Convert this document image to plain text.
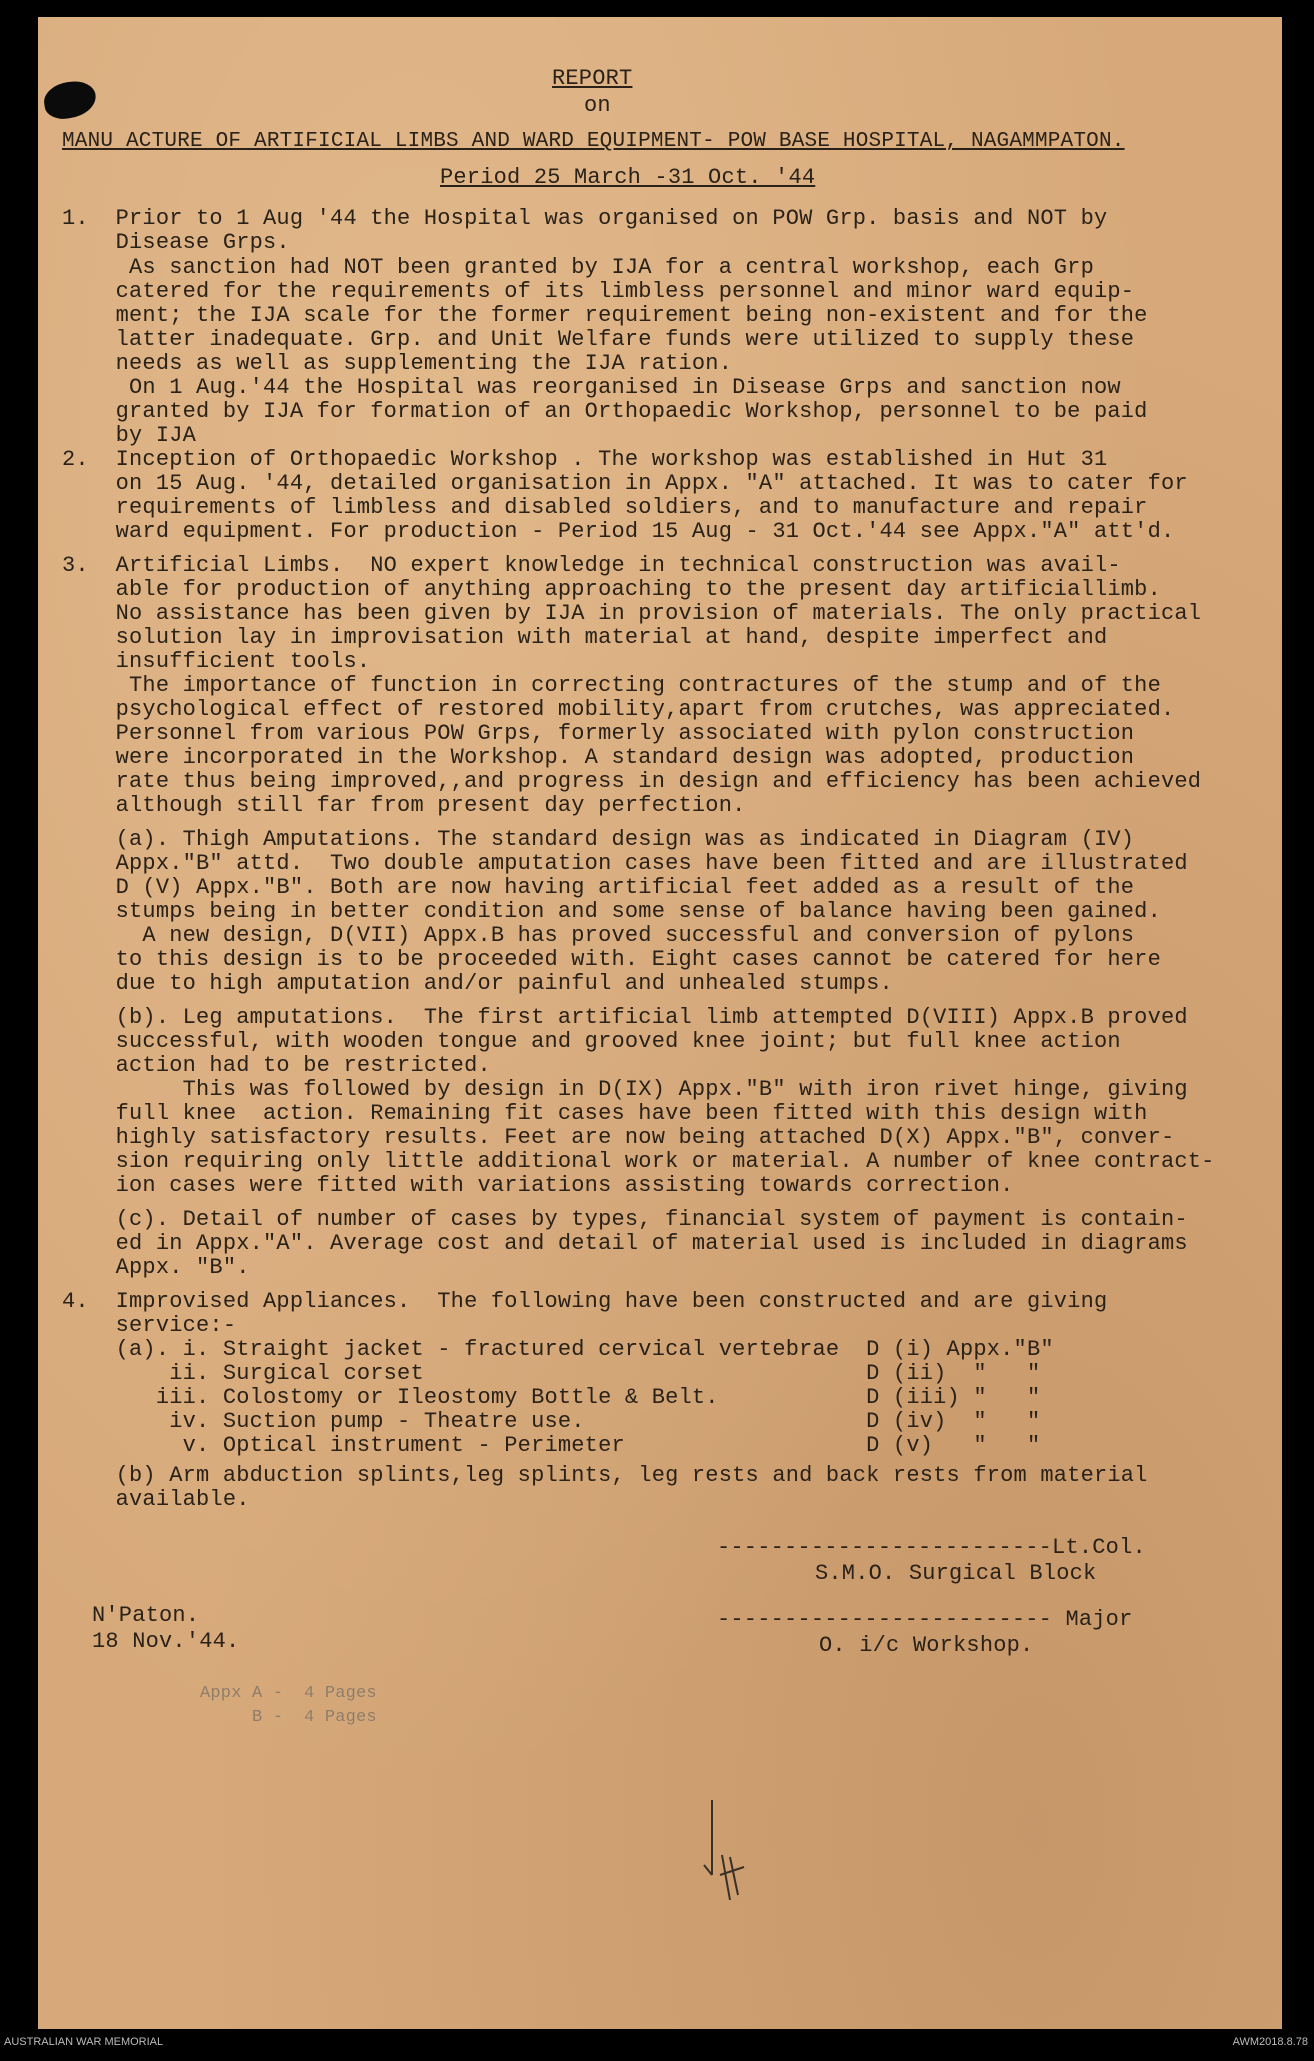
REPORT
on
MANU ACTURE OF ARTIFICIAL LIMBS AND WARD EQUIPMENT- POW BASE HOSPITAL, NAGAMMPATON.
Period 25 March -31 Oct. '44
1.  Prior to 1 Aug '44 the Hospital was organised on POW Grp. basis and NOT by
Disease Grps.
As sanction had NOT been granted by IJA for a central workshop, each Grp
catered for the requirements of its limbless personnel and minor ward equip-
ment; the IJA scale for the former requirement being non-existent and for the
latter inadequate. Grp. and Unit Welfare funds were utilized to supply these
needs as well as supplementing the IJA ration.
On 1 Aug.'44 the Hospital was reorganised in Disease Grps and sanction now
granted by IJA for formation of an Orthopaedic Workshop, personnel to be paid
by IJA
2.  Inception of Orthopaedic Workshop . The workshop was established in Hut 31
on 15 Aug. '44, detailed organisation in Appx. "A" attached. It was to cater for
requirements of limbless and disabled soldiers, and to manufacture and repair
ward equipment. For production - Period 15 Aug - 31 Oct.'44 see Appx."A" att'd.
3.  Artificial Limbs.  NO expert knowledge in technical construction was avail-
able for production of anything approaching to the present day artificiallimb.
No assistance has been given by IJA in provision of materials. The only practical
solution lay in improvisation with material at hand, despite imperfect and
insufficient tools.
The importance of function in correcting contractures of the stump and of the
psychological effect of restored mobility,apart from crutches, was appreciated.
Personnel from various POW Grps, formerly associated with pylon construction
were incorporated in the Workshop. A standard design was adopted, production
rate thus being improved,,and progress in design and efficiency has been achieved
although still far from present day perfection.
(a). Thigh Amputations. The standard design was as indicated in Diagram (IV)
Appx."B" attd.  Two double amputation cases have been fitted and are illustrated
D (V) Appx."B". Both are now having artificial feet added as a result of the
stumps being in better condition and some sense of balance having been gained.
A new design, D(VII) Appx.B has proved successful and conversion of pylons
to this design is to be proceeded with. Eight cases cannot be catered for here
due to high amputation and/or painful and unhealed stumps.
(b). Leg amputations.  The first artificial limb attempted D(VIII) Appx.B proved
successful, with wooden tongue and grooved knee joint; but full knee action
action had to be restricted.
This was followed by design in D(IX) Appx."B" with iron rivet hinge, giving
full knee  action. Remaining fit cases have been fitted with this design with
highly satisfactory results. Feet are now being attached D(X) Appx."B", conver-
sion requiring only little additional work or material. A number of knee contract-
ion cases were fitted with variations assisting towards correction.
(c). Detail of number of cases by types, financial system of payment is contain-
ed in Appx."A". Average cost and detail of material used is included in diagrams
Appx. "B".
4.  Improvised Appliances.  The following have been constructed and are giving
service:-
(a). i. Straight jacket - fractured cervical vertebrae  D (i) Appx."B"
ii. Surgical corset                                 D (ii)  "   "
iii. Colostomy or Ileostomy Bottle & Belt.           D (iii) "   "
iv. Suction pump - Theatre use.                     D (iv)  "   "
v. Optical instrument - Perimeter                  D (v)   "   "
(b) Arm abduction splints,leg splints, leg rests and back rests from material
available.
-------------------------Lt.Col.
S.M.O. Surgical Block
N'Paton.
18 Nov.'44.
------------------------- Major
O. i/c Workshop.
Appx A -  4 Pages
B -  4 Pages
AUSTRALIAN WAR MEMORIAL	AWM2018.8.78
